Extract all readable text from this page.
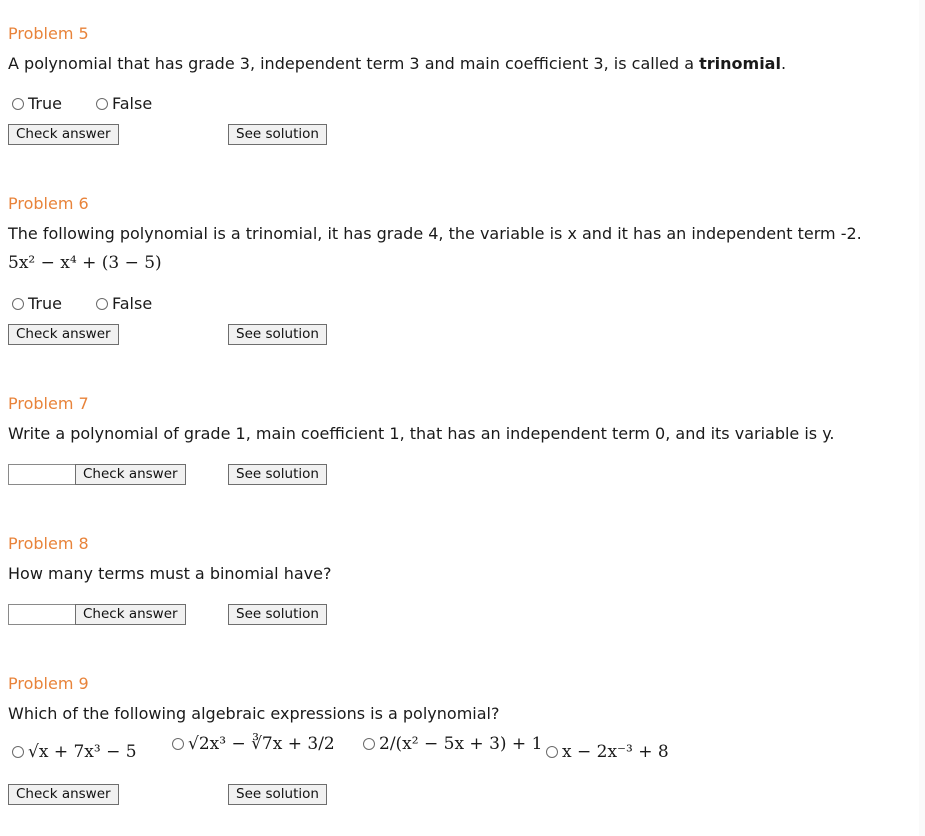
Problem 5
A polynomial that has grade 3, independent term 3 and main coefficient 3, is called a trinomial.
True	False
Check answer	See solution
Problem 6
The following polynomial is a trinomial, it has grade 4, the variable is x and it has an independent term -2.
5x² − x⁴ + (3 − 5)
True	False
Check answer	See solution
Problem 7
Write a polynomial of grade 1, main coefficient 1, that has an independent term 0, and its variable is y.
Check answer	See solution
Problem 8
How many terms must a binomial have?
Check answer	See solution
Problem 9
Which of the following algebraic expressions is a polynomial?
√x + 7x³ − 5	√2x³ − ∛7x + 3/2	2/(x² − 5x + 3) + 1 x − 2x⁻³ + 8
Check answer	See solution
